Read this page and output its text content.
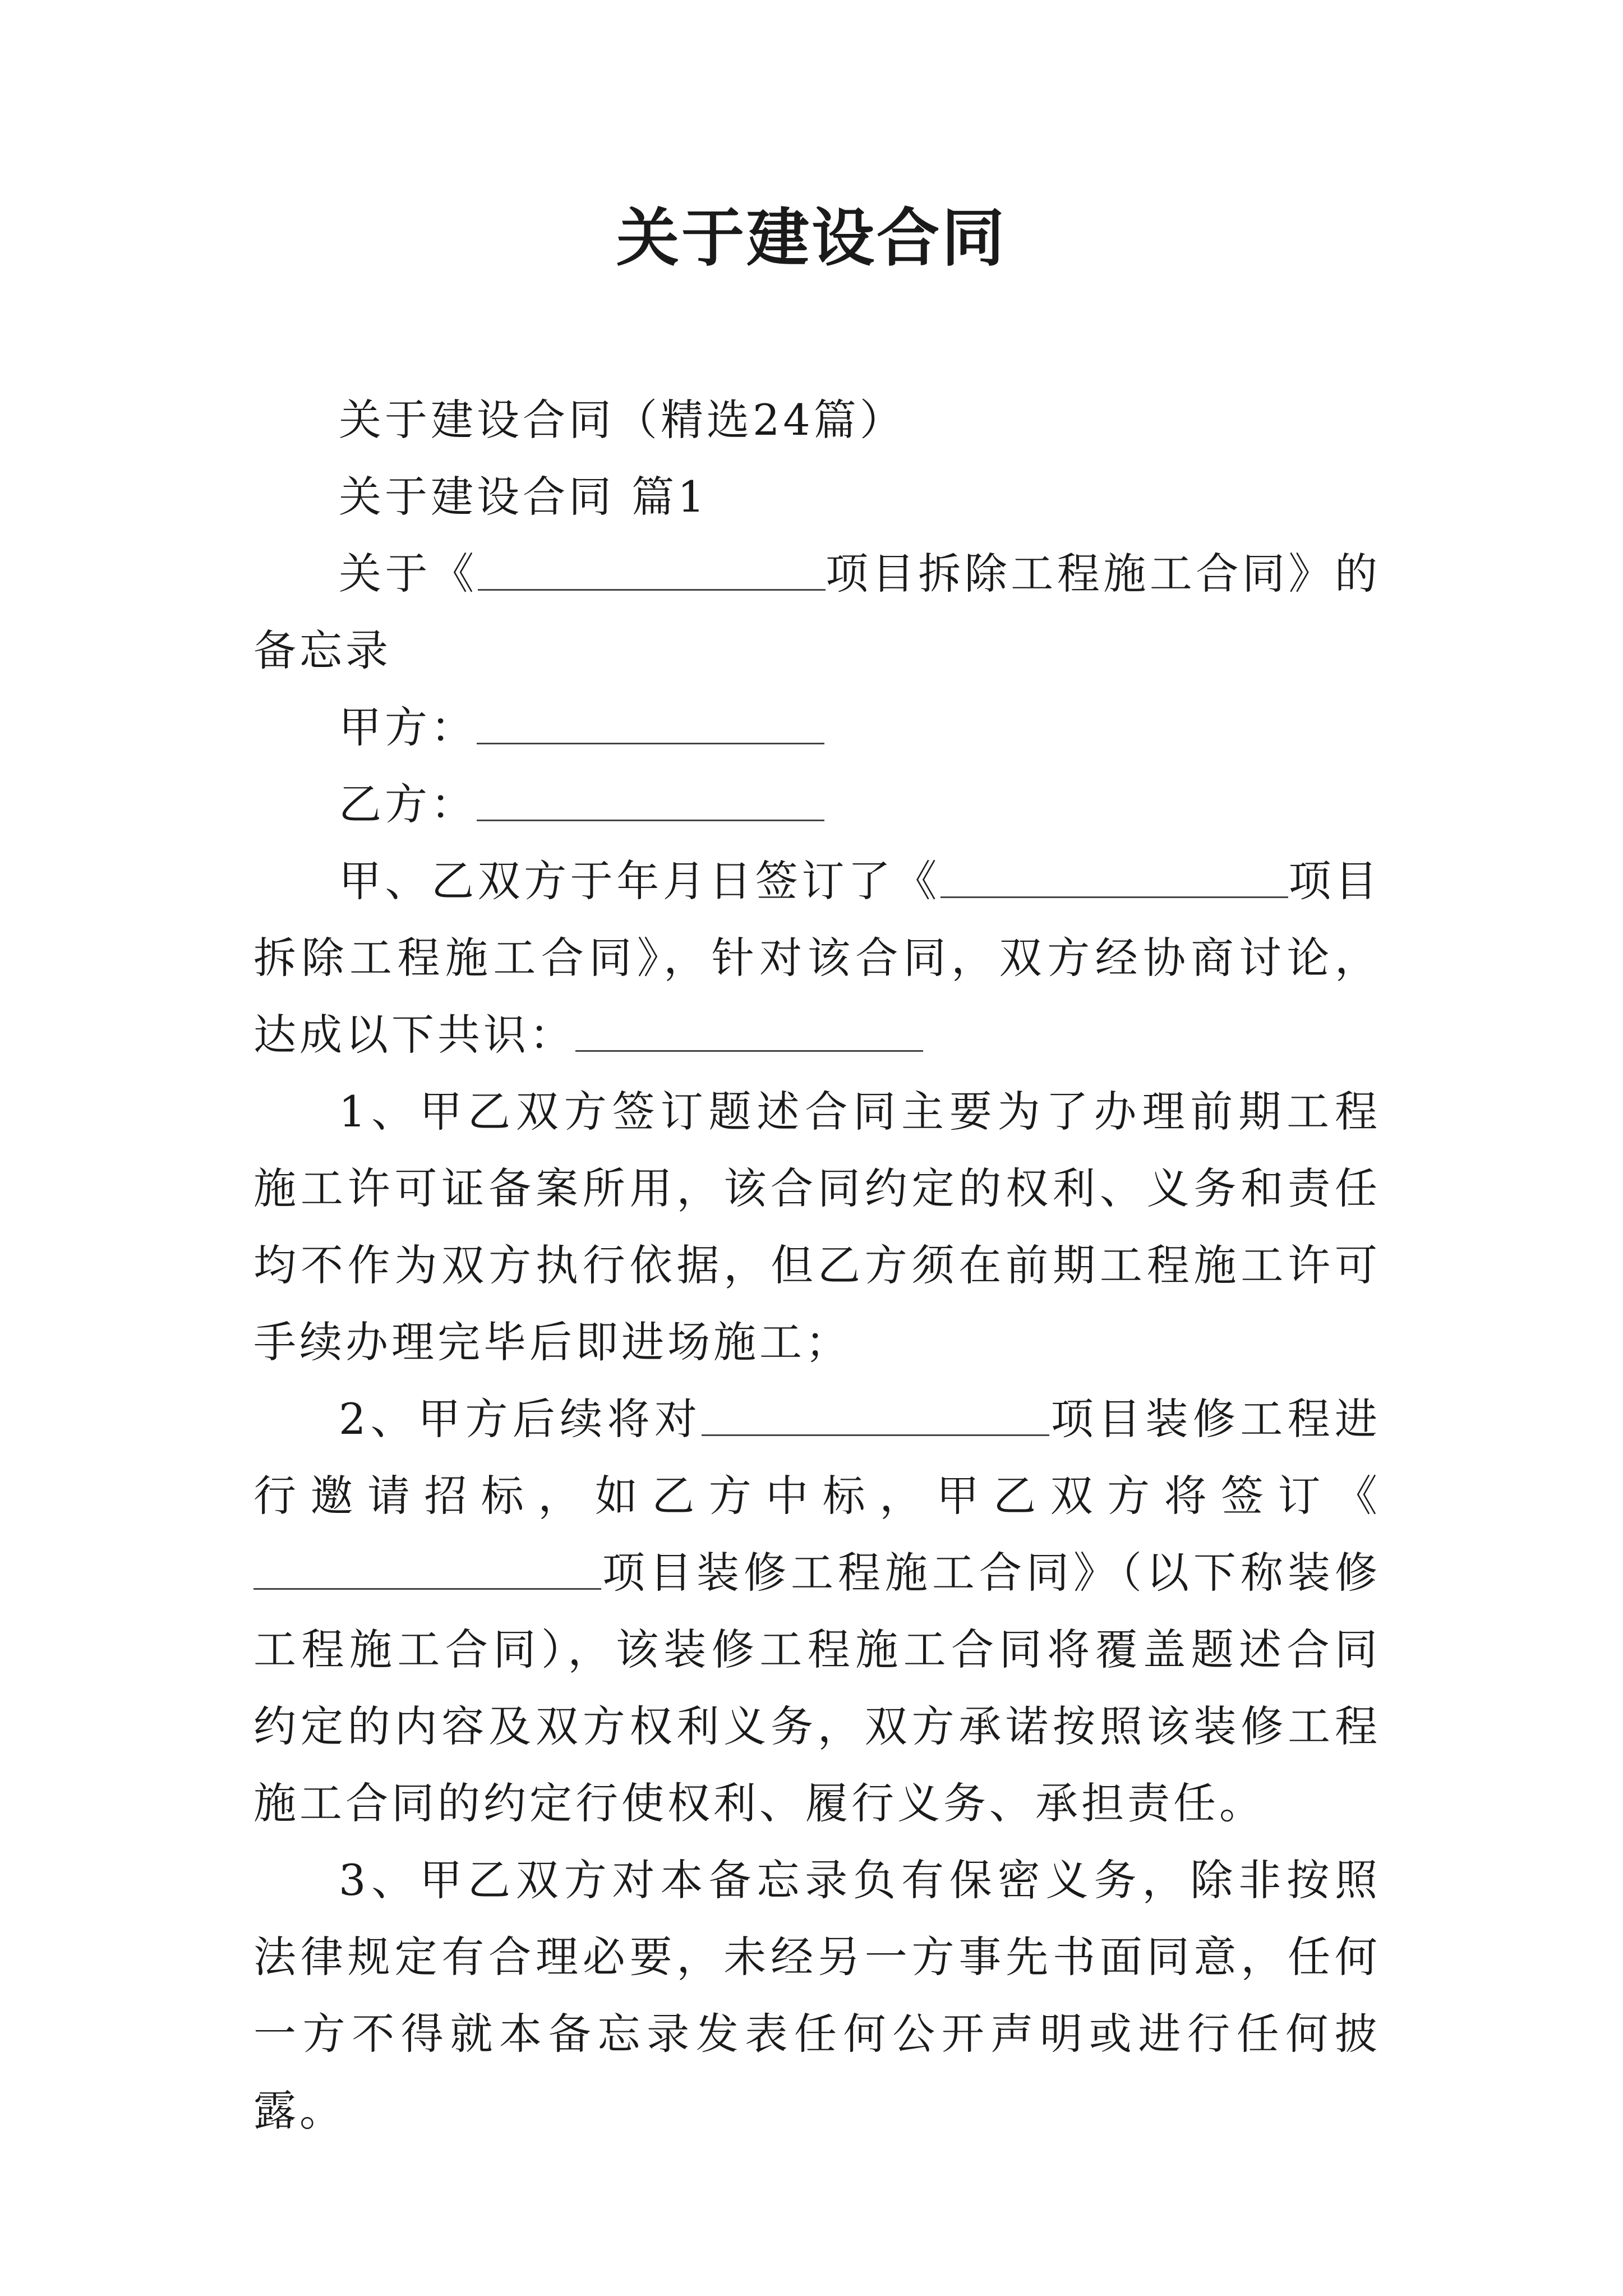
关于建设合同

关于建设合同（精选24篇）

关于建设合同 篇1

关于《	项目拆除工程施工合同》的备忘录

甲方：

乙方：

甲、乙双方于年月日签订了《	项目拆除工程施工合同》，针对该合同，双方经协商讨论，达成以下共识：

1、甲乙双方签订题述合同主要为了办理前期工程施工许可证备案所用，该合同约定的权利、义务和责任均不作为双方执行依据，但乙方须在前期工程施工许可手续办理完毕后即进场施工；

2、甲方后续将对	项目装修工程进行邀请招标，如乙方中标，甲乙双方将签订《项目装修工程施工合同》（以下称装修工程施工合同），该装修工程施工合同将覆盖题述合同约定的内容及双方权利义务，双方承诺按照该装修工程施工合同的约定行使权利、履行义务、承担责任。

3、甲乙双方对本备忘录负有保密义务，除非按照法律规定有合理必要，未经另一方事先书面同意，任何一方不得就本备忘录发表任何公开声明或进行任何披露。
